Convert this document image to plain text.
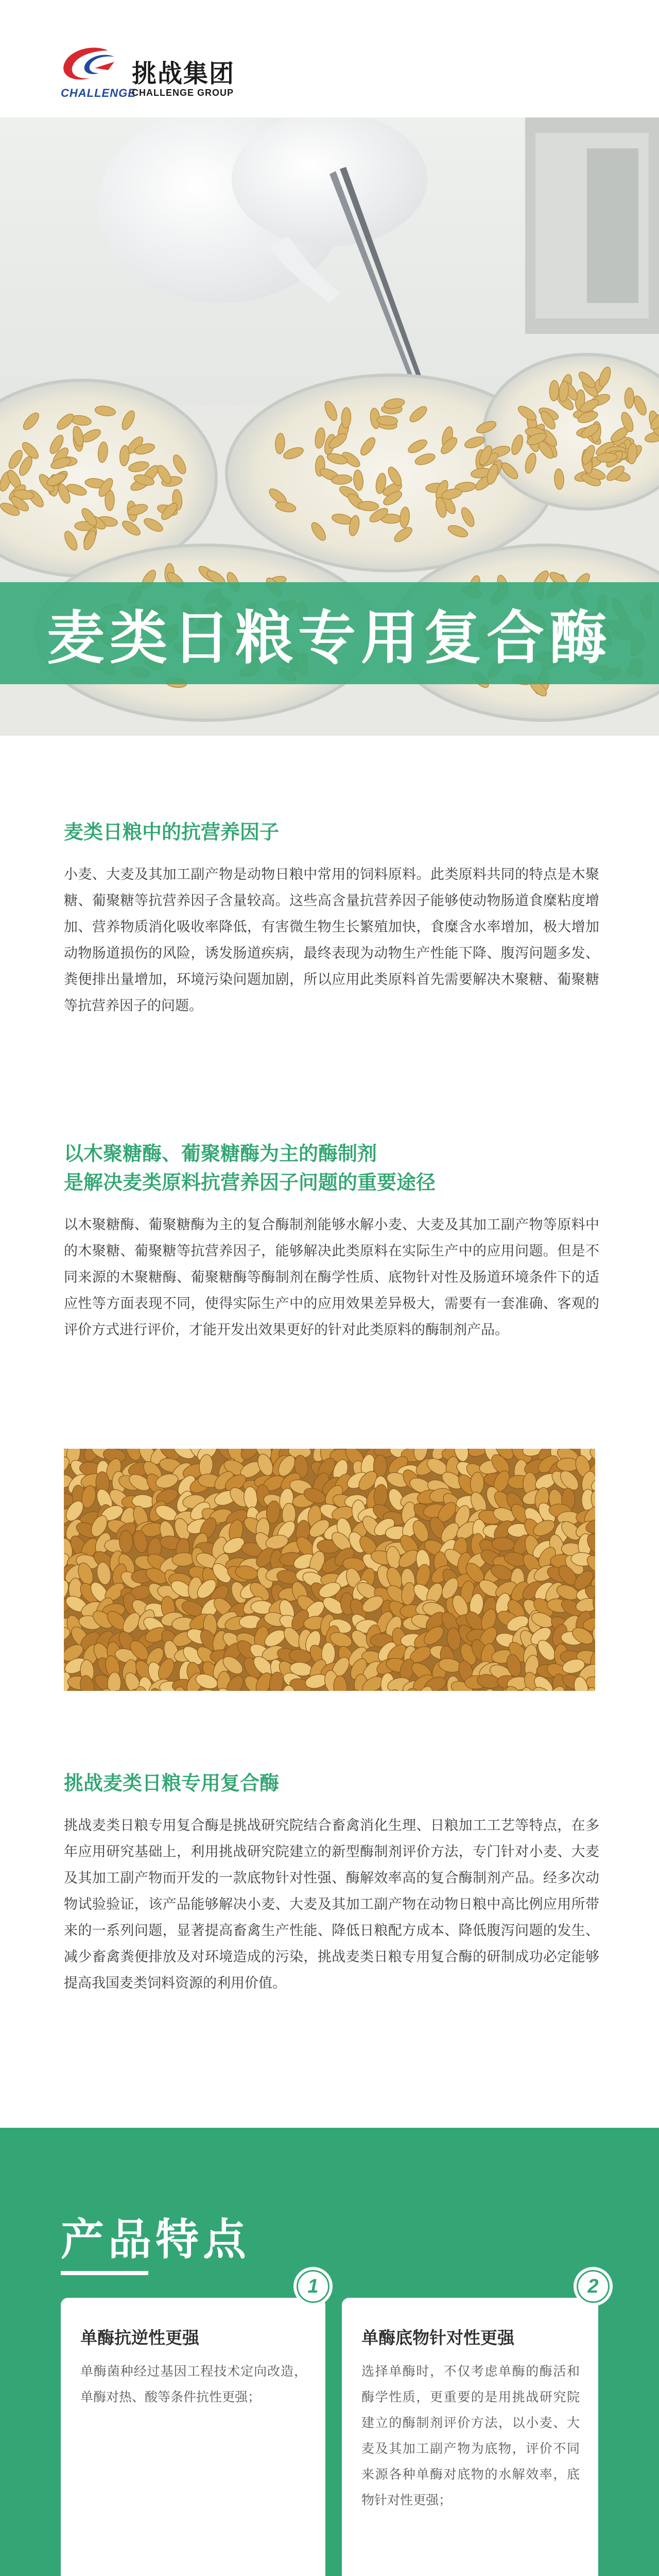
挑战集团
CHALLENGE
CHALLENGE GROUP
麦类日粮专用复合酶
麦类日粮中的抗营养因子
小麦、大麦及其加工副产物是动物日粮中常用的饲料原料。此类原料共同的特点是木聚糖、葡聚糖等抗营养因子含量较高。这些高含量抗营养因子能够使动物肠道食糜粘度增加、营养物质消化吸收率降低，有害微生物生长繁殖加快，食糜含水率增加，极大增加动物肠道损伤的风险，诱发肠道疾病，最终表现为动物生产性能下降、腹泻问题多发、粪便排出量增加，环境污染问题加剧，所以应用此类原料首先需要解决木聚糖、葡聚糖等抗营养因子的问题。
以木聚糖酶、葡聚糖酶为主的酶制剂
是解决麦类原料抗营养因子问题的重要途径
以木聚糖酶、葡聚糖酶为主的复合酶制剂能够水解小麦、大麦及其加工副产物等原料中的木聚糖、葡聚糖等抗营养因子，能够解决此类原料在实际生产中的应用问题。但是不同来源的木聚糖酶、葡聚糖酶等酶制剂在酶学性质、底物针对性及肠道环境条件下的适应性等方面表现不同，使得实际生产中的应用效果差异极大，需要有一套准确、客观的评价方式进行评价，才能开发出效果更好的针对此类原料的酶制剂产品。
挑战麦类日粮专用复合酶
挑战麦类日粮专用复合酶是挑战研究院结合畜禽消化生理、日粮加工工艺等特点，在多年应用研究基础上，利用挑战研究院建立的新型酶制剂评价方法，专门针对小麦、大麦及其加工副产物而开发的一款底物针对性强、酶解效率高的复合酶制剂产品。经多次动物试验验证，该产品能够解决小麦、大麦及其加工副产物在动物日粮中高比例应用所带来的一系列问题，显著提高畜禽生产性能、降低日粮配方成本、降低腹泻问题的发生、减少畜禽粪便排放及对环境造成的污染，挑战麦类日粮专用复合酶的研制成功必定能够提高我国麦类饲料资源的利用价值。
产品特点
单酶抗逆性更强
单酶菌种经过基因工程技术定向改造，单酶对热、酸等条件抗性更强；
1
单酶底物针对性更强
选择单酶时，不仅考虑单酶的酶活和酶学性质，更重要的是用挑战研究院建立的酶制剂评价方法，以小麦、大麦及其加工副产物为底物，评价不同来源各种单酶对底物的水解效率，底物针对性更强；
2
